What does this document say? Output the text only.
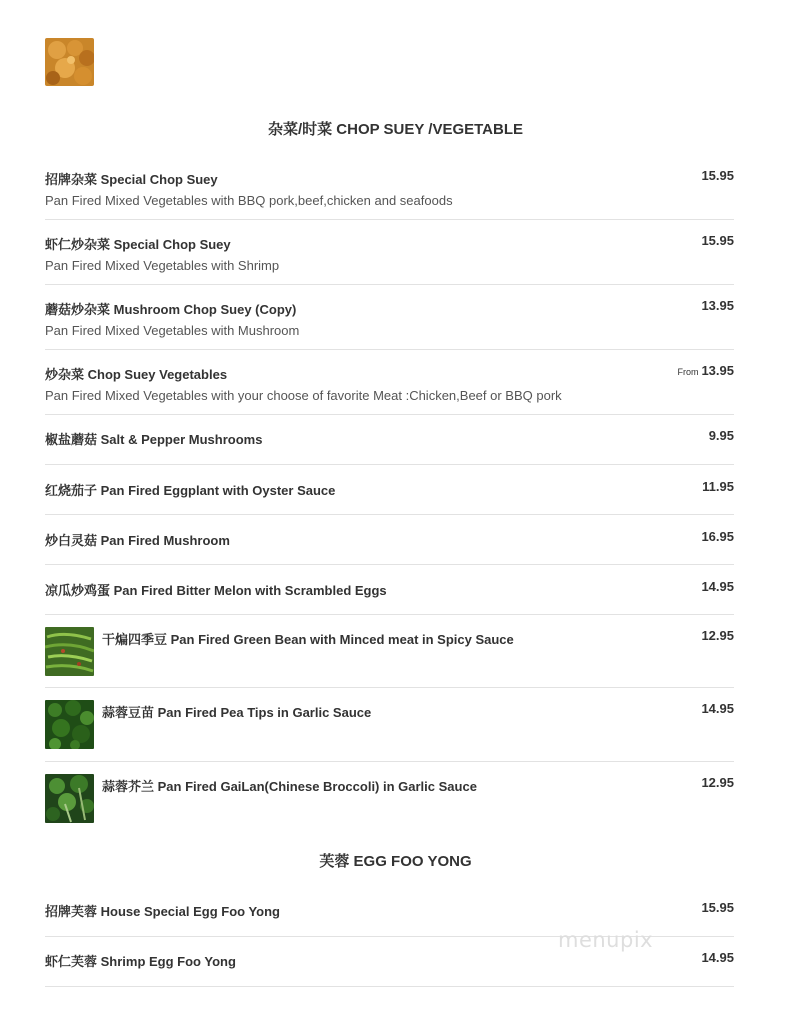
杂菜/时菜 CHOP SUEY /VEGETABLE
招牌杂菜 Special Chop Suey
Pan Fired Mixed Vegetables with BBQ pork,beef,chicken and seafoods
15.95
虾仁炒杂菜 Special Chop Suey
Pan Fired Mixed Vegetables with Shrimp
15.95
蘑菇炒杂菜 Mushroom Chop Suey (Copy)
Pan Fired Mixed Vegetables with Mushroom
13.95
炒杂菜 Chop Suey Vegetables
Pan Fired Mixed Vegetables with your choose of favorite Meat :Chicken,Beef or BBQ pork
From 13.95
椒盐蘑菇 Salt & Pepper Mushrooms	9.95
红烧茄子 Pan Fired Eggplant with Oyster Sauce	11.95
炒白灵菇 Pan Fired Mushroom	16.95
凉瓜炒鸡蛋 Pan Fired Bitter Melon with Scrambled Eggs	14.95
干煸四季豆 Pan Fired Green Bean with Minced meat in Spicy Sauce	12.95
蒜蓉豆苗 Pan Fired Pea Tips in Garlic Sauce	14.95
蒜蓉芥兰 Pan Fired GaiLan(Chinese Broccoli) in Garlic Sauce	12.95
芙蓉 EGG FOO YONG
招牌芙蓉 House Special Egg Foo Yong	15.95
虾仁芙蓉 Shrimp Egg Foo Yong	14.95
menupix
